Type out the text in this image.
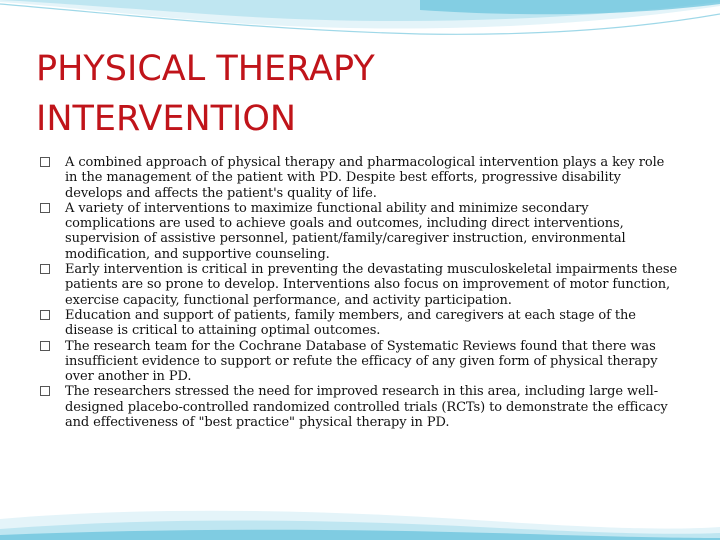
PHYSICAL THERAPY
INTERVENTION
A combined approach of physical therapy and pharmacological intervention plays a key role in the management of the patient with PD. Despite best efforts, progressive disability develops and affects the patient's quality of life.
A variety of interventions to maximize functional ability and minimize secondary complications are used to achieve goals and outcomes, including direct interventions, supervision of assistive personnel, patient/family/caregiver instruction, environmental modification, and supportive counseling.
Early intervention is critical in preventing the devastating musculoskeletal impairments these patients are so prone to develop. Interventions also focus on improvement of motor function, exercise capacity, functional performance, and activity participation.
Education and support of patients, family members, and caregivers at each stage of the disease is critical to attaining optimal outcomes.
The research team for the Cochrane Database of Systematic Reviews found that there was insufficient evidence to support or refute the efficacy of any given form of physical therapy over another in PD.
The researchers stressed the need for improved research in this area, including large well-designed placebo-controlled randomized controlled trials (RCTs) to demonstrate the efficacy and effectiveness of "best practice" physical therapy in PD.
